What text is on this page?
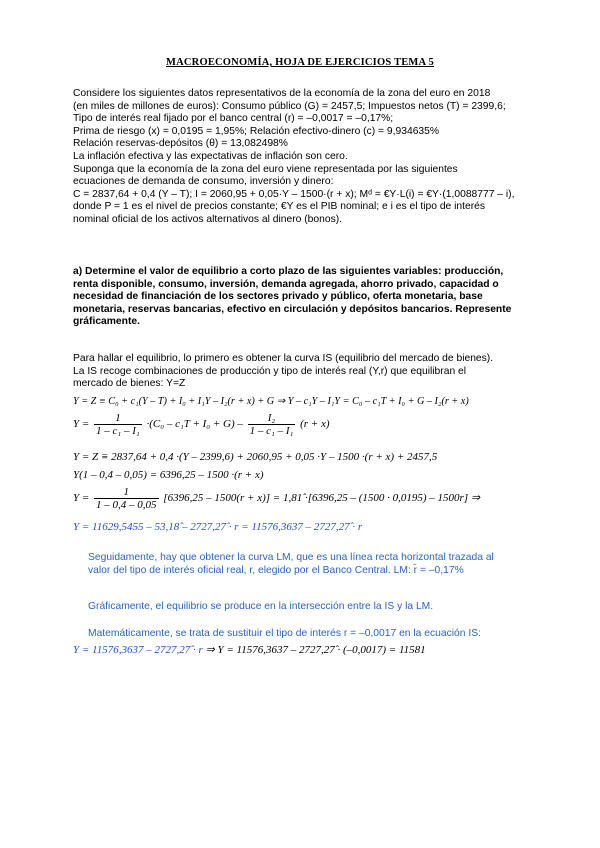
MACROECONOMÍA, HOJA DE EJERCICIOS TEMA 5
Considere los siguientes datos representativos de la economía de la zona del euro en 2018
(en miles de millones de euros): Consumo público (G) = 2457,5; Impuestos netos (T) = 2399,6;
Tipo de interés real fijado por el banco central (r) = –0,0017 = –0,17%;
Prima de riesgo (x) = 0,0195 = 1,95%; Relación efectivo-dinero (c) = 9,934635%
Relación reservas-depósitos (θ) = 13,082498%
La inflación efectiva y las expectativas de inflación son cero.
Suponga que la economía de la zona del euro viene representada por las siguientes
ecuaciones de demanda de consumo, inversión y dinero:
C = 2837,64 + 0,4 (Y – T); I = 2060,95 + 0,05·Y – 1500·(r + x); Mᵈ = €Y·L(i) = €Y·(1,0088777 – i),
donde P = 1 es el nivel de precios constante; €Y es el PIB nominal; e i es el tipo de interés
nominal oficial de los activos alternativos al dinero (bonos).
a) Determine el valor de equilibrio a corto plazo de las siguientes variables: producción,
renta disponible, consumo, inversión, demanda agregada, ahorro privado, capacidad o
necesidad de financiación de los sectores privado y público, oferta monetaria, base
monetaria, reservas bancarias, efectivo en circulación y depósitos bancarios. Represente
gráficamente.
Para hallar el equilibrio, lo primero es obtener la curva IS (equilibrio del mercado de bienes).
La IS recoge combinaciones de producción y tipo de interés real (Y,r) que equilibran el
mercado de bienes: Y=Z
Y = Z ≡ C₀ + c₁(Y – T) + I₀ + I₁Y – I₂(r + x) + G ⇒ Y – c₁Y – I₁Y = C₀ – c₁T + I₀ + G – I₂(r + x)
$Y = \frac{1}{\text{1 – c₁ – I₁}} \cdot(C_0 - c_1T + I_0 + G) - \frac{\text{I₂}}{\text{1 – c₁ – I₁}} (r + x)$
Y = Z ≡ 2837,64 + 0,4 ·(Y – 2399,6) + 2060,95 + 0,05 ·Y – 1500 ·(r + x) + 2457,5
Y(1 – 0,4 – 0,05) = 6396,25 – 1500 ·(r + x)
$Y = \frac{1}{1 - 0,4 - 0,05} [6396,25 - 1500(r + x)]$ = 1,81̂ ·[6396,25 – (1500 · 0,0195) – 1500r] ⇒
Y = 11629,5455 – 53,18̂ – 2727,27̂ · r = 11576,3637 – 2727,27̂ · r
Seguidamente, hay que obtener la curva LM, que es una línea recta horizontal trazada al
valor del tipo de interés oficial real, r, elegido por el Banco Central. LM: r̄ = –0,17%
Gráficamente, el equilibrio se produce en la intersección entre la IS y la LM.
Matemáticamente, se trata de sustituir el tipo de interés r = –0,0017 en la ecuación IS:
Y = 11576,3637 – 2727,27̂ · r ⇒ Y = 11576,3637 – 2727,27̂ · (–0,0017) = 11581
